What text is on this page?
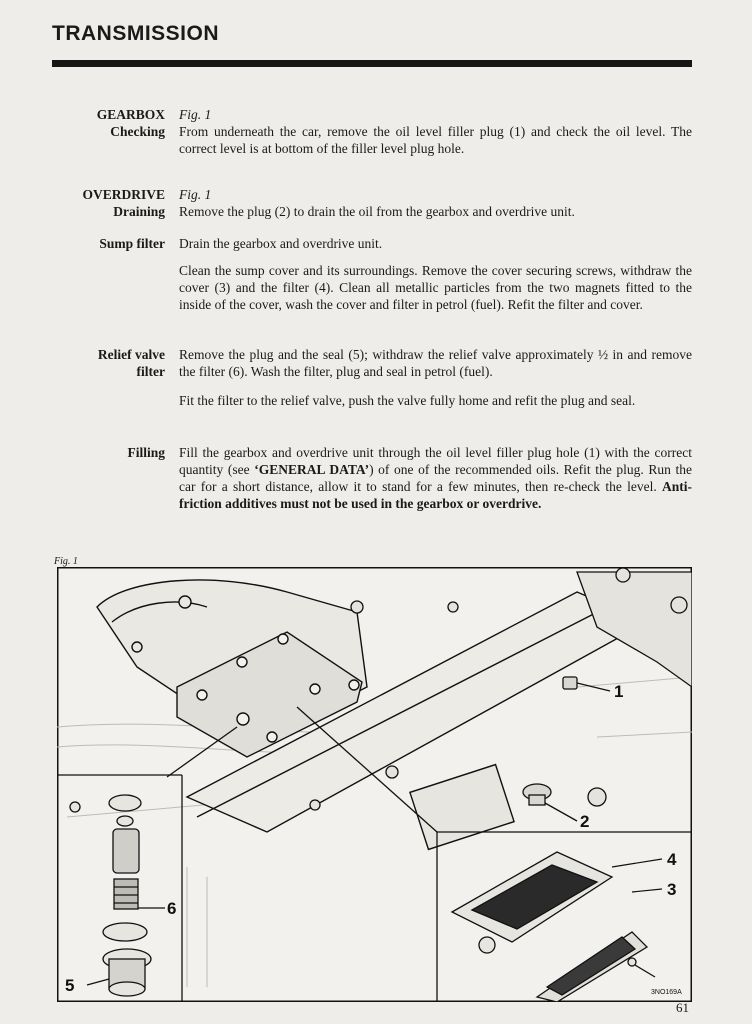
TRANSMISSION
GEARBOX
Checking
Fig. 1
From underneath the car, remove the oil level filler plug (1) and check the oil level. The correct level is at bottom of the filler level plug hole.
OVERDRIVE
Draining
Fig. 1
Remove the plug (2) to drain the oil from the gearbox and overdrive unit.
Sump filter Drain the gearbox and overdrive unit.
Clean the sump cover and its surroundings. Remove the cover securing screws, withdraw the cover (3) and the filter (4). Clean all metallic particles from the two magnets fitted to the inside of the cover, wash the cover and filter in petrol (fuel). Refit the filter and cover.
Relief valve
filter
Remove the plug and the seal (5); withdraw the relief valve approximately ½ in and remove the filter (6). Wash the filter, plug and seal in petrol (fuel).
Fit the filter to the relief valve, push the valve fully home and refit the plug and seal.
Filling Fill the gearbox and overdrive unit through the oil level filler plug hole (1) with the correct quantity (see ‘GENERAL DATA’) of one of the recommended oils. Refit the plug. Run the car for a short distance, allow it to stand for a few minutes, then re-check the level. Anti-friction additives must not be used in the gearbox or overdrive.
Fig. 1
1
2
3
4
5
6
3NO169A
61
